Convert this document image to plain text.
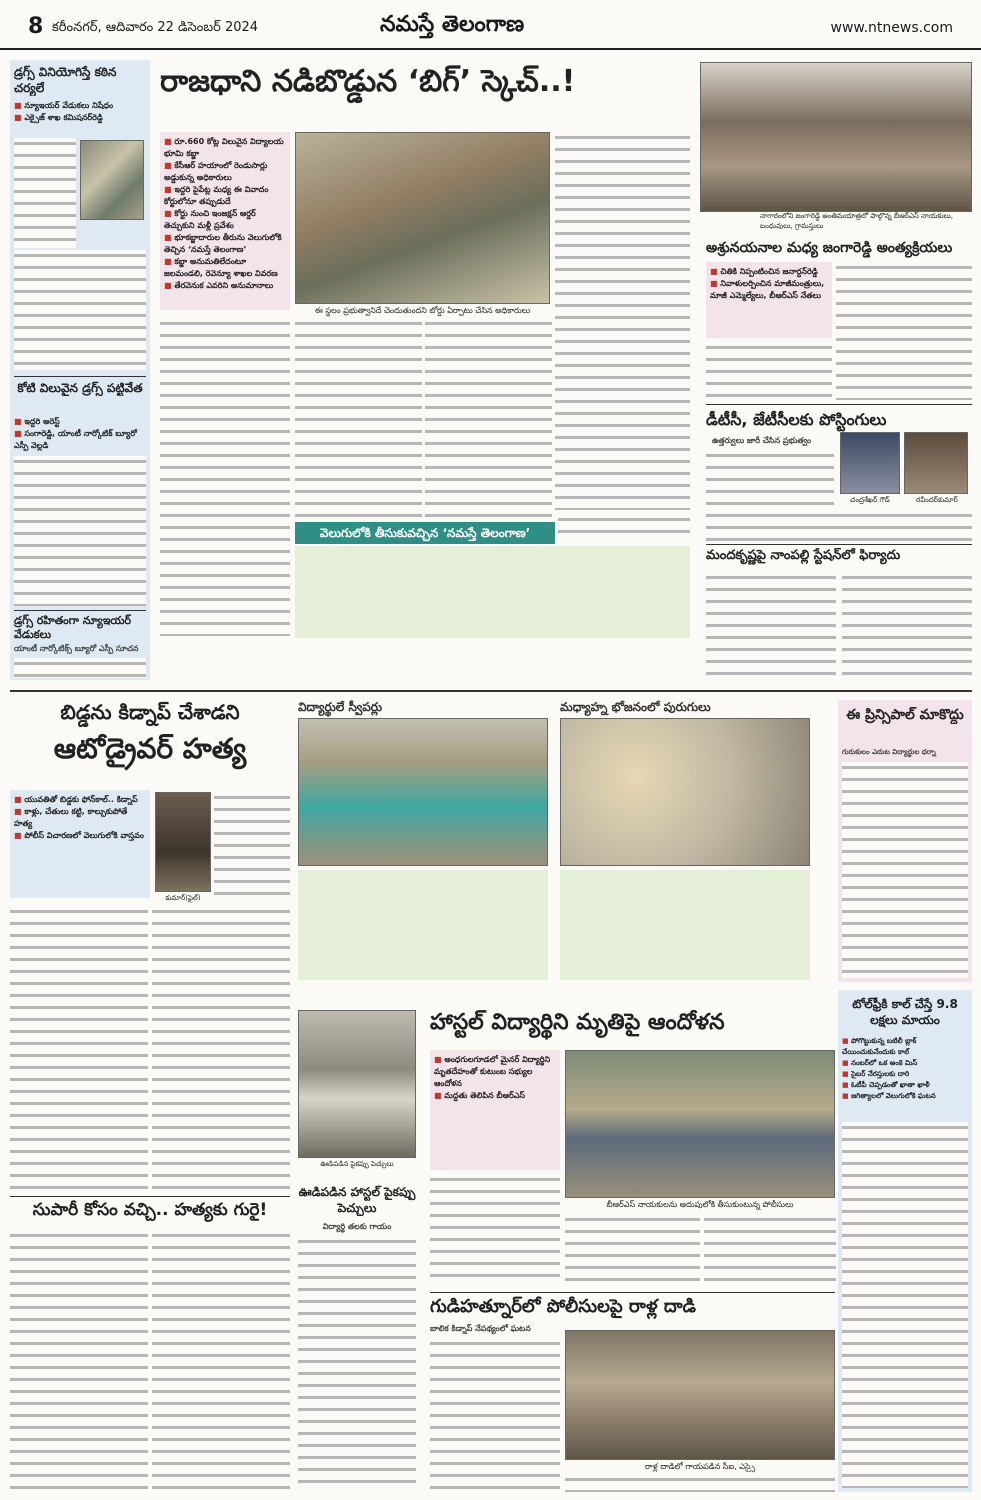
8 కరీంనగర్‌, ఆదివారం 22 డిసెంబర్‌ 2024	నమస్తే తెలంగాణ	www.ntnews.com
డ్రగ్స్‌ వినియోగిస్తే కఠిన చర్యలే
■ న్యూఇయర్‌ వేడుకలు నిషేధం
■ ఎక్సైజ్‌ శాఖ కమిషనర్‌రెడ్డి
కోటి విలువైన డ్రగ్స్‌ పట్టివేత
■ ఇద్దరి అరెస్ట్‌
■ సంగారెడ్డి, యాంటీ నార్కోటిక్‌ బ్యూరో ఎస్పీ వెల్లడి
డ్రగ్స్‌ రహితంగా న్యూఇయర్‌ వేడుకలు
యాంటీ నార్కోటిక్స్‌ బ్యూరో ఎస్పీ సూచన
రాజధాని నడిబొడ్డున ‘బిగ్‌’ స్కెచ్‌..!
■ రూ.660 కోట్ల విలువైన విద్యాలయ భూమి కబ్జా
■ కేసీఆర్‌ హయాంలో రెండుసార్లు అడ్డుకున్న అధికారులు
■ ఇద్దరి పైపేట్ల మధ్య ఈ వివాదం కోర్టులోనూ తప్పుడుదే
■ కోర్టు నుంచి ఇంజక్షన్‌ ఆర్డర్‌ తెచ్చుకుని మళ్లీ ప్రవేశం
■ భూకబ్జాదారుల తీరును వెలుగులోకి తెచ్చిన ‘నమస్తే తెలంగాణ’
■ కబ్జా అనుమతిలేదంటూ జలమండలి, రెవెన్యూ శాఖల వివరణ
■ తేరవెనుక ఎవరిని అనుమానాలు
ఈ స్థలం ప్రభుత్వానిదే చెందుతుందని బోర్డు ఏర్పాటు చేసిన అధికారులు
వెలుగులోకి తీసుకువచ్చిన ‘నమస్తే తెలంగాణ’
నాగారంలోని జంగారెడ్డి అంతిమయాత్రలో పాల్గొన్న బీఆర్‌ఎస్‌ నాయకులు, బంధువులు, గ్రామస్తులు
అశ్రునయనాల మధ్య జంగారెడ్డి అంత్యక్రియలు
■ చితికి నిప్పంటించిన జనార్దన్‌రెడ్డి
■ నివాళులర్పించిన మాజీమంత్రులు, మాజీ ఎమ్మెల్యేలు, బీఆర్‌ఎస్‌ నేతలు
డీటీసీ, జేటీసీలకు పోస్టింగులు
ఉత్తర్వులు జారీ చేసిన ప్రభుత్వం
చంద్రశేఖర్‌ గౌడ్‌	రవీందర్‌కుమార్‌
మందకృష్ణపై నాంపల్లి స్టేషన్‌లో ఫిర్యాదు
బిడ్డను కిడ్నాప్‌ చేశాడని
ఆటోడ్రైవర్‌ హత్య
■ యువతితో బిడ్డకు ఫోన్‌కాల్‌.. కిడ్నాప్‌
■ కాళ్లు, చేతులు కట్టి, కాల్చుకుపోతే హత్య
■ పోలీస్‌ విచారణలో వెలుగులోకి వాస్తవం
కుమార్‌(ఫైల్‌)
సుపారీ కోసం వచ్చి.. హత్యకు గురై!
విద్యార్థులే స్వీపర్లు	మధ్యాహ్న భోజనంలో పురుగులు	ఈ ప్రిన్సిపాల్‌ మాకొద్దు
గురుకులం ఎదుట విద్యార్థుల ధర్నా
ఊడిపడిన పైకప్పు పెచ్చులు
హాస్టల్‌ విద్యార్థిని మృతిపై ఆందోళన
■ అంధగులగూడలో మైనర్‌ విద్యార్థిని మృతదేహంతో కుటుంబ సభ్యుల ఆందోళన
■ మద్దతు తెలిపిన బీఆర్‌ఎస్‌
బీఆర్‌ఎస్‌ నాయకులను అదుపులోకి తీసుకుంటున్న పోలీసులు
ఊడిపడిన హాస్టల్‌ పైకప్పు పెచ్చులు
విద్యార్థి తలకు గాయం
టోల్‌ఫ్రీకి కాల్‌ చేస్తే 9.8 లక్షలు మాయం
■ పోగొట్టుకున్న బటిలీ బ్లాక్‌ చేయించుకునేందుకు కాల్‌
■ నంబర్‌లో ఒక అంకె మిస్‌
■ సైబర్‌ నేరస్తులకు దారి
■ ఓటీపీ చెప్పడంతో ఖాతా ఖాళీ
■ జగిత్యాలలో వెలుగులోకి ఘటన
గుడిహత్నూర్‌లో పోలీసులపై రాళ్ల దాడి
బాలిక కిడ్నాప్‌ నేపథ్యంలో ఘటన
రాళ్ల దాడిలో గాయపడిన సీఐ, ఎస్సై
